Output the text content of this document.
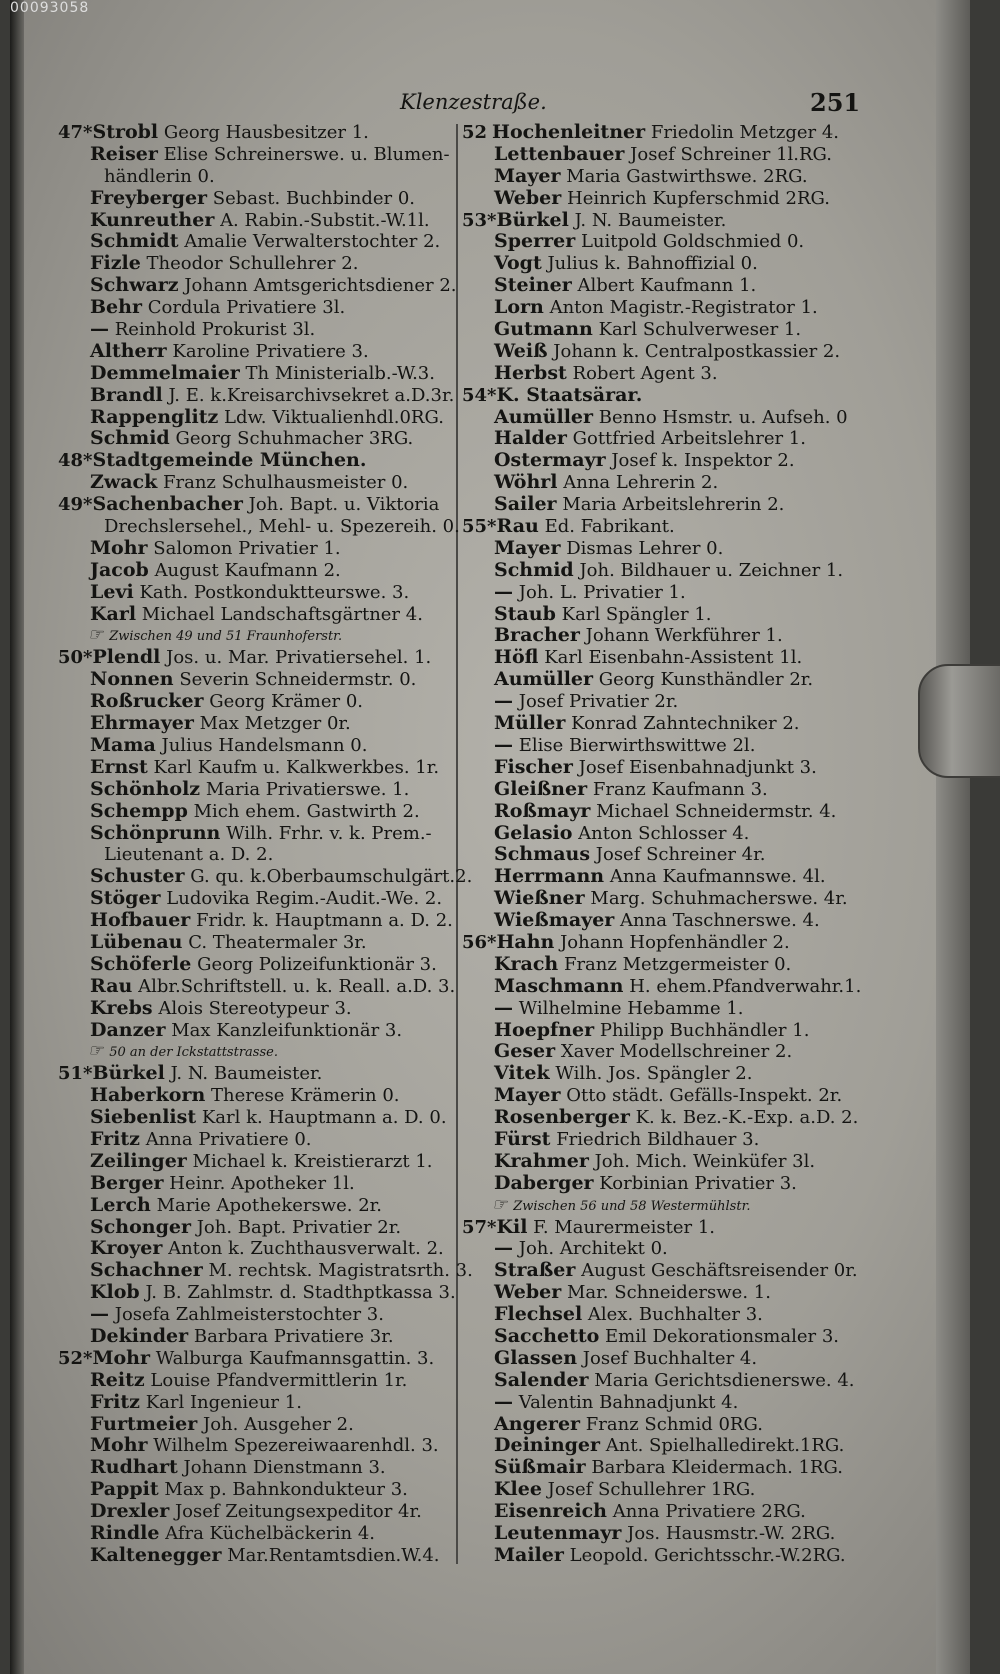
00093058
Klenzestraße.	251
47*Strobl Georg Hausbesitzer 1.
Reiser Elise Schreinerswe. u. Blumen-
händlerin 0.
Freyberger Sebast. Buchbinder 0.
Kunreuther A. Rabin.-Substit.-W.1l.
Schmidt Amalie Verwalterstochter 2.
Fizle Theodor Schullehrer 2.
Schwarz Johann Amtsgerichtsdiener 2.
Behr Cordula Privatiere 3l.
— Reinhold Prokurist 3l.
Altherr Karoline Privatiere 3.
Demmelmaier Th Ministerialb.-W.3.
Brandl J. E. k.Kreisarchivsekret a.D.3r.
Rappenglitz Ldw. Viktualienhdl.0RG.
Schmid Georg Schuhmacher 3RG.
48*Stadtgemeinde München.
Zwack Franz Schulhausmeister 0.
49*Sachenbacher Joh. Bapt. u. Viktoria
Drechslersehel., Mehl- u. Spezereih. 0.
Mohr Salomon Privatier 1.
Jacob August Kaufmann 2.
Levi Kath. Postkonduktteurswe. 3.
Karl Michael Landschaftsgärtner 4.
☞ Zwischen 49 und 51 Fraunhoferstr.
50*Plendl Jos. u. Mar. Privatiersehel. 1.
Nonnen Severin Schneidermstr. 0.
Roßrucker Georg Krämer 0.
Ehrmayer Max Metzger 0r.
Mama Julius Handelsmann 0.
Ernst Karl Kaufm u. Kalkwerkbes. 1r.
Schönholz Maria Privatierswe. 1.
Schempp Mich ehem. Gastwirth 2.
Schönprunn Wilh. Frhr. v. k. Prem.-
Lieutenant a. D. 2.
Schuster G. qu. k.Oberbaumschulgärt.2.
Stöger Ludovika Regim.-Audit.-We. 2.
Hofbauer Fridr. k. Hauptmann a. D. 2.
Lübenau C. Theatermaler 3r.
Schöferle Georg Polizeifunktionär 3.
Rau Albr.Schriftstell. u. k. Reall. a.D. 3.
Krebs Alois Stereotypeur 3.
Danzer Max Kanzleifunktionär 3.
☞ 50 an der Ickstattstrasse.
51*Bürkel J. N. Baumeister.
Haberkorn Therese Krämerin 0.
Siebenlist Karl k. Hauptmann a. D. 0.
Fritz Anna Privatiere 0.
Zeilinger Michael k. Kreistierarzt 1.
Berger Heinr. Apotheker 1l.
Lerch Marie Apothekerswe. 2r.
Schonger Joh. Bapt. Privatier 2r.
Kroyer Anton k. Zuchthausverwalt. 2.
Schachner M. rechtsk. Magistratsrth. 3.
Klob J. B. Zahlmstr. d. Stadthptkassa 3.
— Josefa Zahlmeisterstochter 3.
Dekinder Barbara Privatiere 3r.
52*Mohr Walburga Kaufmannsgattin. 3.
Reitz Louise Pfandvermittlerin 1r.
Fritz Karl Ingenieur 1.
Furtmeier Joh. Ausgeher 2.
Mohr Wilhelm Spezereiwaarenhdl. 3.
Rudhart Johann Dienstmann 3.
Pappit Max p. Bahnkondukteur 3.
Drexler Josef Zeitungsexpeditor 4r.
Rindle Afra Küchelbäckerin 4.
Kaltenegger Mar.Rentamtsdien.W.4.
52 Hochenleitner Friedolin Metzger 4.
Lettenbauer Josef Schreiner 1l.RG.
Mayer Maria Gastwirthswe. 2RG.
Weber Heinrich Kupferschmid 2RG.
53*Bürkel J. N. Baumeister.
Sperrer Luitpold Goldschmied 0.
Vogt Julius k. Bahnoffizial 0.
Steiner Albert Kaufmann 1.
Lorn Anton Magistr.-Registrator 1.
Gutmann Karl Schulverweser 1.
Weiß Johann k. Centralpostkassier 2.
Herbst Robert Agent 3.
54*K. Staatsärar.
Aumüller Benno Hsmstr. u. Aufseh. 0
Halder Gottfried Arbeitslehrer 1.
Ostermayr Josef k. Inspektor 2.
Wöhrl Anna Lehrerin 2.
Sailer Maria Arbeitslehrerin 2.
55*Rau Ed. Fabrikant.
Mayer Dismas Lehrer 0.
Schmid Joh. Bildhauer u. Zeichner 1.
— Joh. L. Privatier 1.
Staub Karl Spängler 1.
Bracher Johann Werkführer 1.
Höfl Karl Eisenbahn-Assistent 1l.
Aumüller Georg Kunsthändler 2r.
— Josef Privatier 2r.
Müller Konrad Zahntechniker 2.
— Elise Bierwirthswittwe 2l.
Fischer Josef Eisenbahnadjunkt 3.
Gleißner Franz Kaufmann 3.
Roßmayr Michael Schneidermstr. 4.
Gelasio Anton Schlosser 4.
Schmaus Josef Schreiner 4r.
Herrmann Anna Kaufmannswe. 4l.
Wießner Marg. Schuhmacherswe. 4r.
Wießmayer Anna Taschnerswe. 4.
56*Hahn Johann Hopfenhändler 2.
Krach Franz Metzgermeister 0.
Maschmann H. ehem.Pfandverwahr.1.
— Wilhelmine Hebamme 1.
Hoepfner Philipp Buchhändler 1.
Geser Xaver Modellschreiner 2.
Vitek Wilh. Jos. Spängler 2.
Mayer Otto städt. Gefälls-Inspekt. 2r.
Rosenberger K. k. Bez.-K.-Exp. a.D. 2.
Fürst Friedrich Bildhauer 3.
Krahmer Joh. Mich. Weinküfer 3l.
Daberger Korbinian Privatier 3.
☞ Zwischen 56 und 58 Westermühlstr.
57*Kil F. Maurermeister 1.
— Joh. Architekt 0.
Straßer August Geschäftsreisender 0r.
Weber Mar. Schneiderswe. 1.
Flechsel Alex. Buchhalter 3.
Sacchetto Emil Dekorationsmaler 3.
Glassen Josef Buchhalter 4.
Salender Maria Gerichtsdienerswe. 4.
— Valentin Bahnadjunkt 4.
Angerer Franz Schmid 0RG.
Deininger Ant. Spielhalledirekt.1RG.
Süßmair Barbara Kleidermach. 1RG.
Klee Josef Schullehrer 1RG.
Eisenreich Anna Privatiere 2RG.
Leutenmayr Jos. Hausmstr.-W. 2RG.
Mailer Leopold. Gerichtsschr.-W.2RG.
